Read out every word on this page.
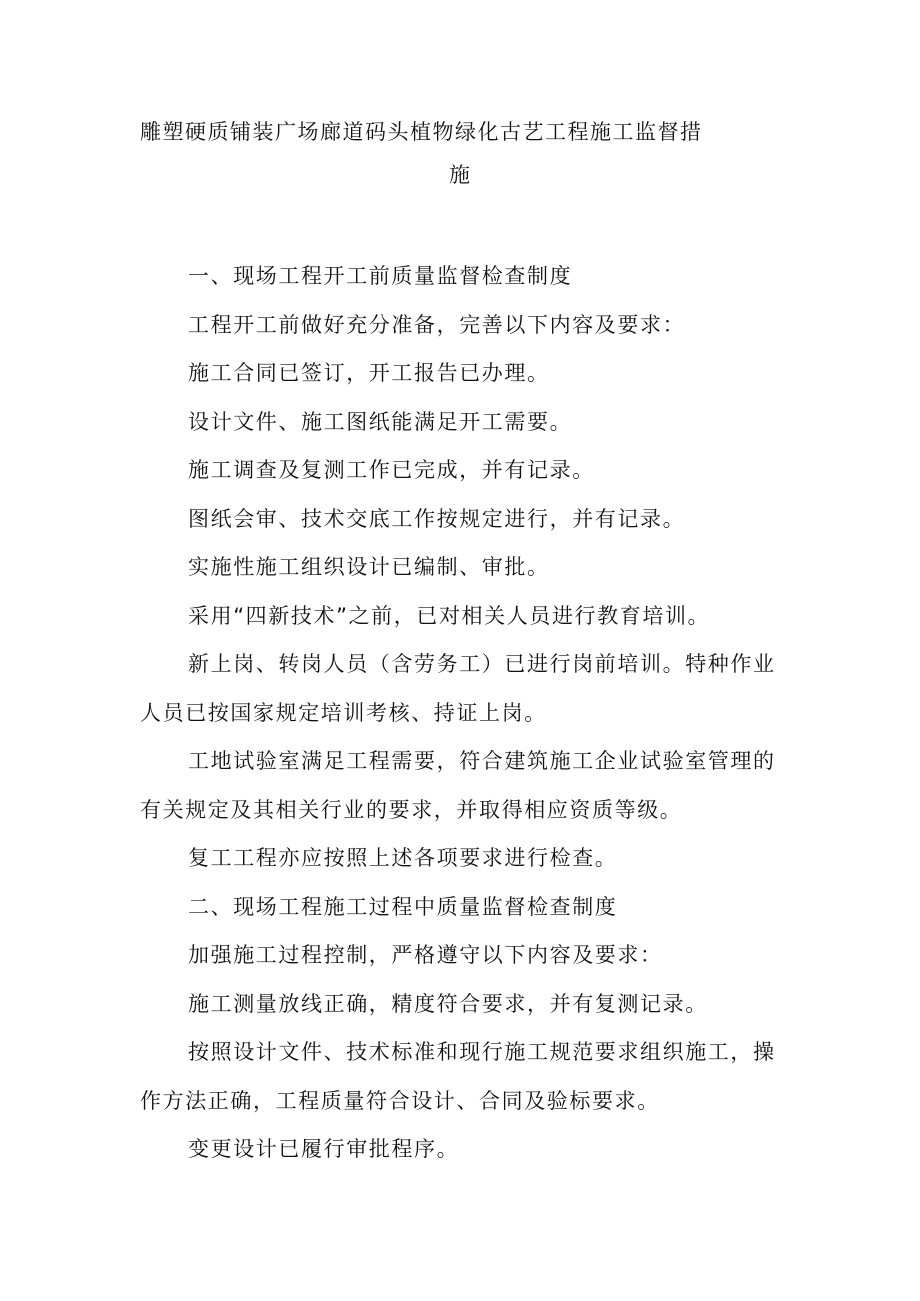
雕塑硬质铺装广场廊道码头植物绿化古艺工程施工监督措
施

一、现场工程开工前质量监督检查制度

工程开工前做好充分准备，完善以下内容及要求：

施工合同已签订，开工报告已办理。

设计文件、施工图纸能满足开工需要。

施工调查及复测工作已完成，并有记录。

图纸会审、技术交底工作按规定进行，并有记录。

实施性施工组织设计已编制、审批。

采用“四新技术”之前，已对相关人员进行教育培训。

新上岗、转岗人员（含劳务工）已进行岗前培训。特种作业人员已按国家规定培训考核、持证上岗。

工地试验室满足工程需要，符合建筑施工企业试验室管理的有关规定及其相关行业的要求，并取得相应资质等级。

复工工程亦应按照上述各项要求进行检查。

二、现场工程施工过程中质量监督检查制度

加强施工过程控制，严格遵守以下内容及要求：

施工测量放线正确，精度符合要求，并有复测记录。

按照设计文件、技术标准和现行施工规范要求组织施工，操作方法正确，工程质量符合设计、合同及验标要求。

变更设计已履行审批程序。
